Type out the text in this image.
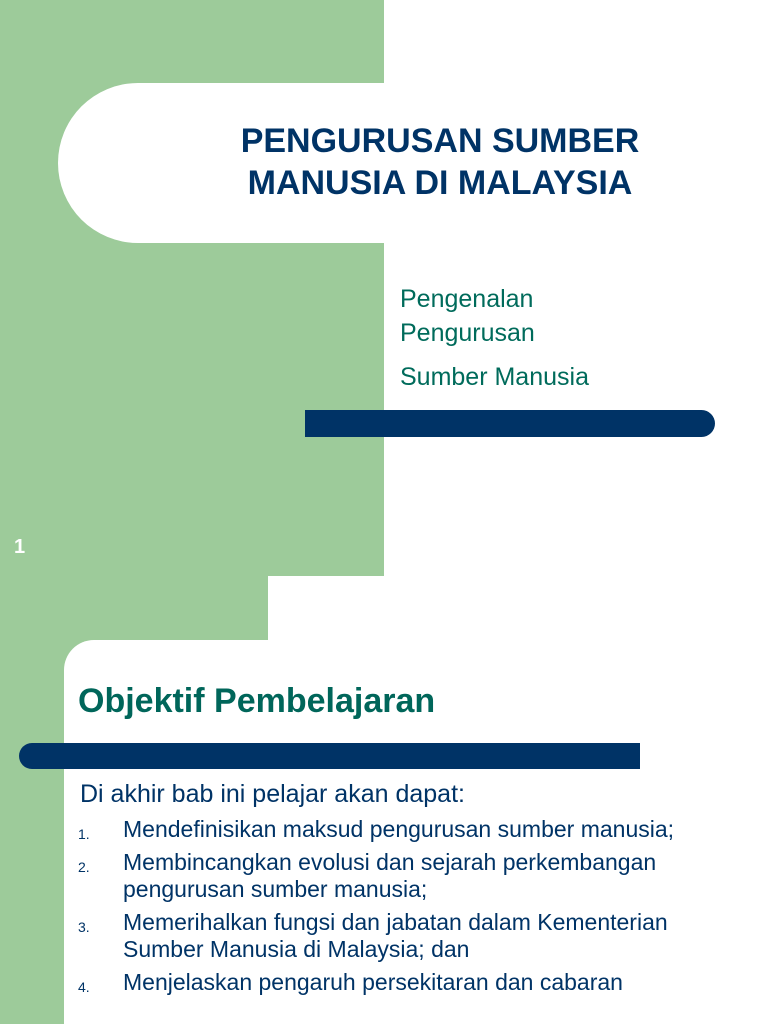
PENGURUSAN SUMBER MANUSIA DI MALAYSIA
Pengenalan
Pengurusan
Sumber Manusia
1
Objektif Pembelajaran
Di akhir bab ini pelajar akan dapat:
1. Mendefinisikan maksud pengurusan sumber manusia;
2. Membincangkan evolusi dan sejarah perkembangan pengurusan sumber manusia;
3. Memerihalkan fungsi dan jabatan dalam Kementerian Sumber Manusia di Malaysia; dan
4. Menjelaskan pengaruh persekitaran dan cabaran
